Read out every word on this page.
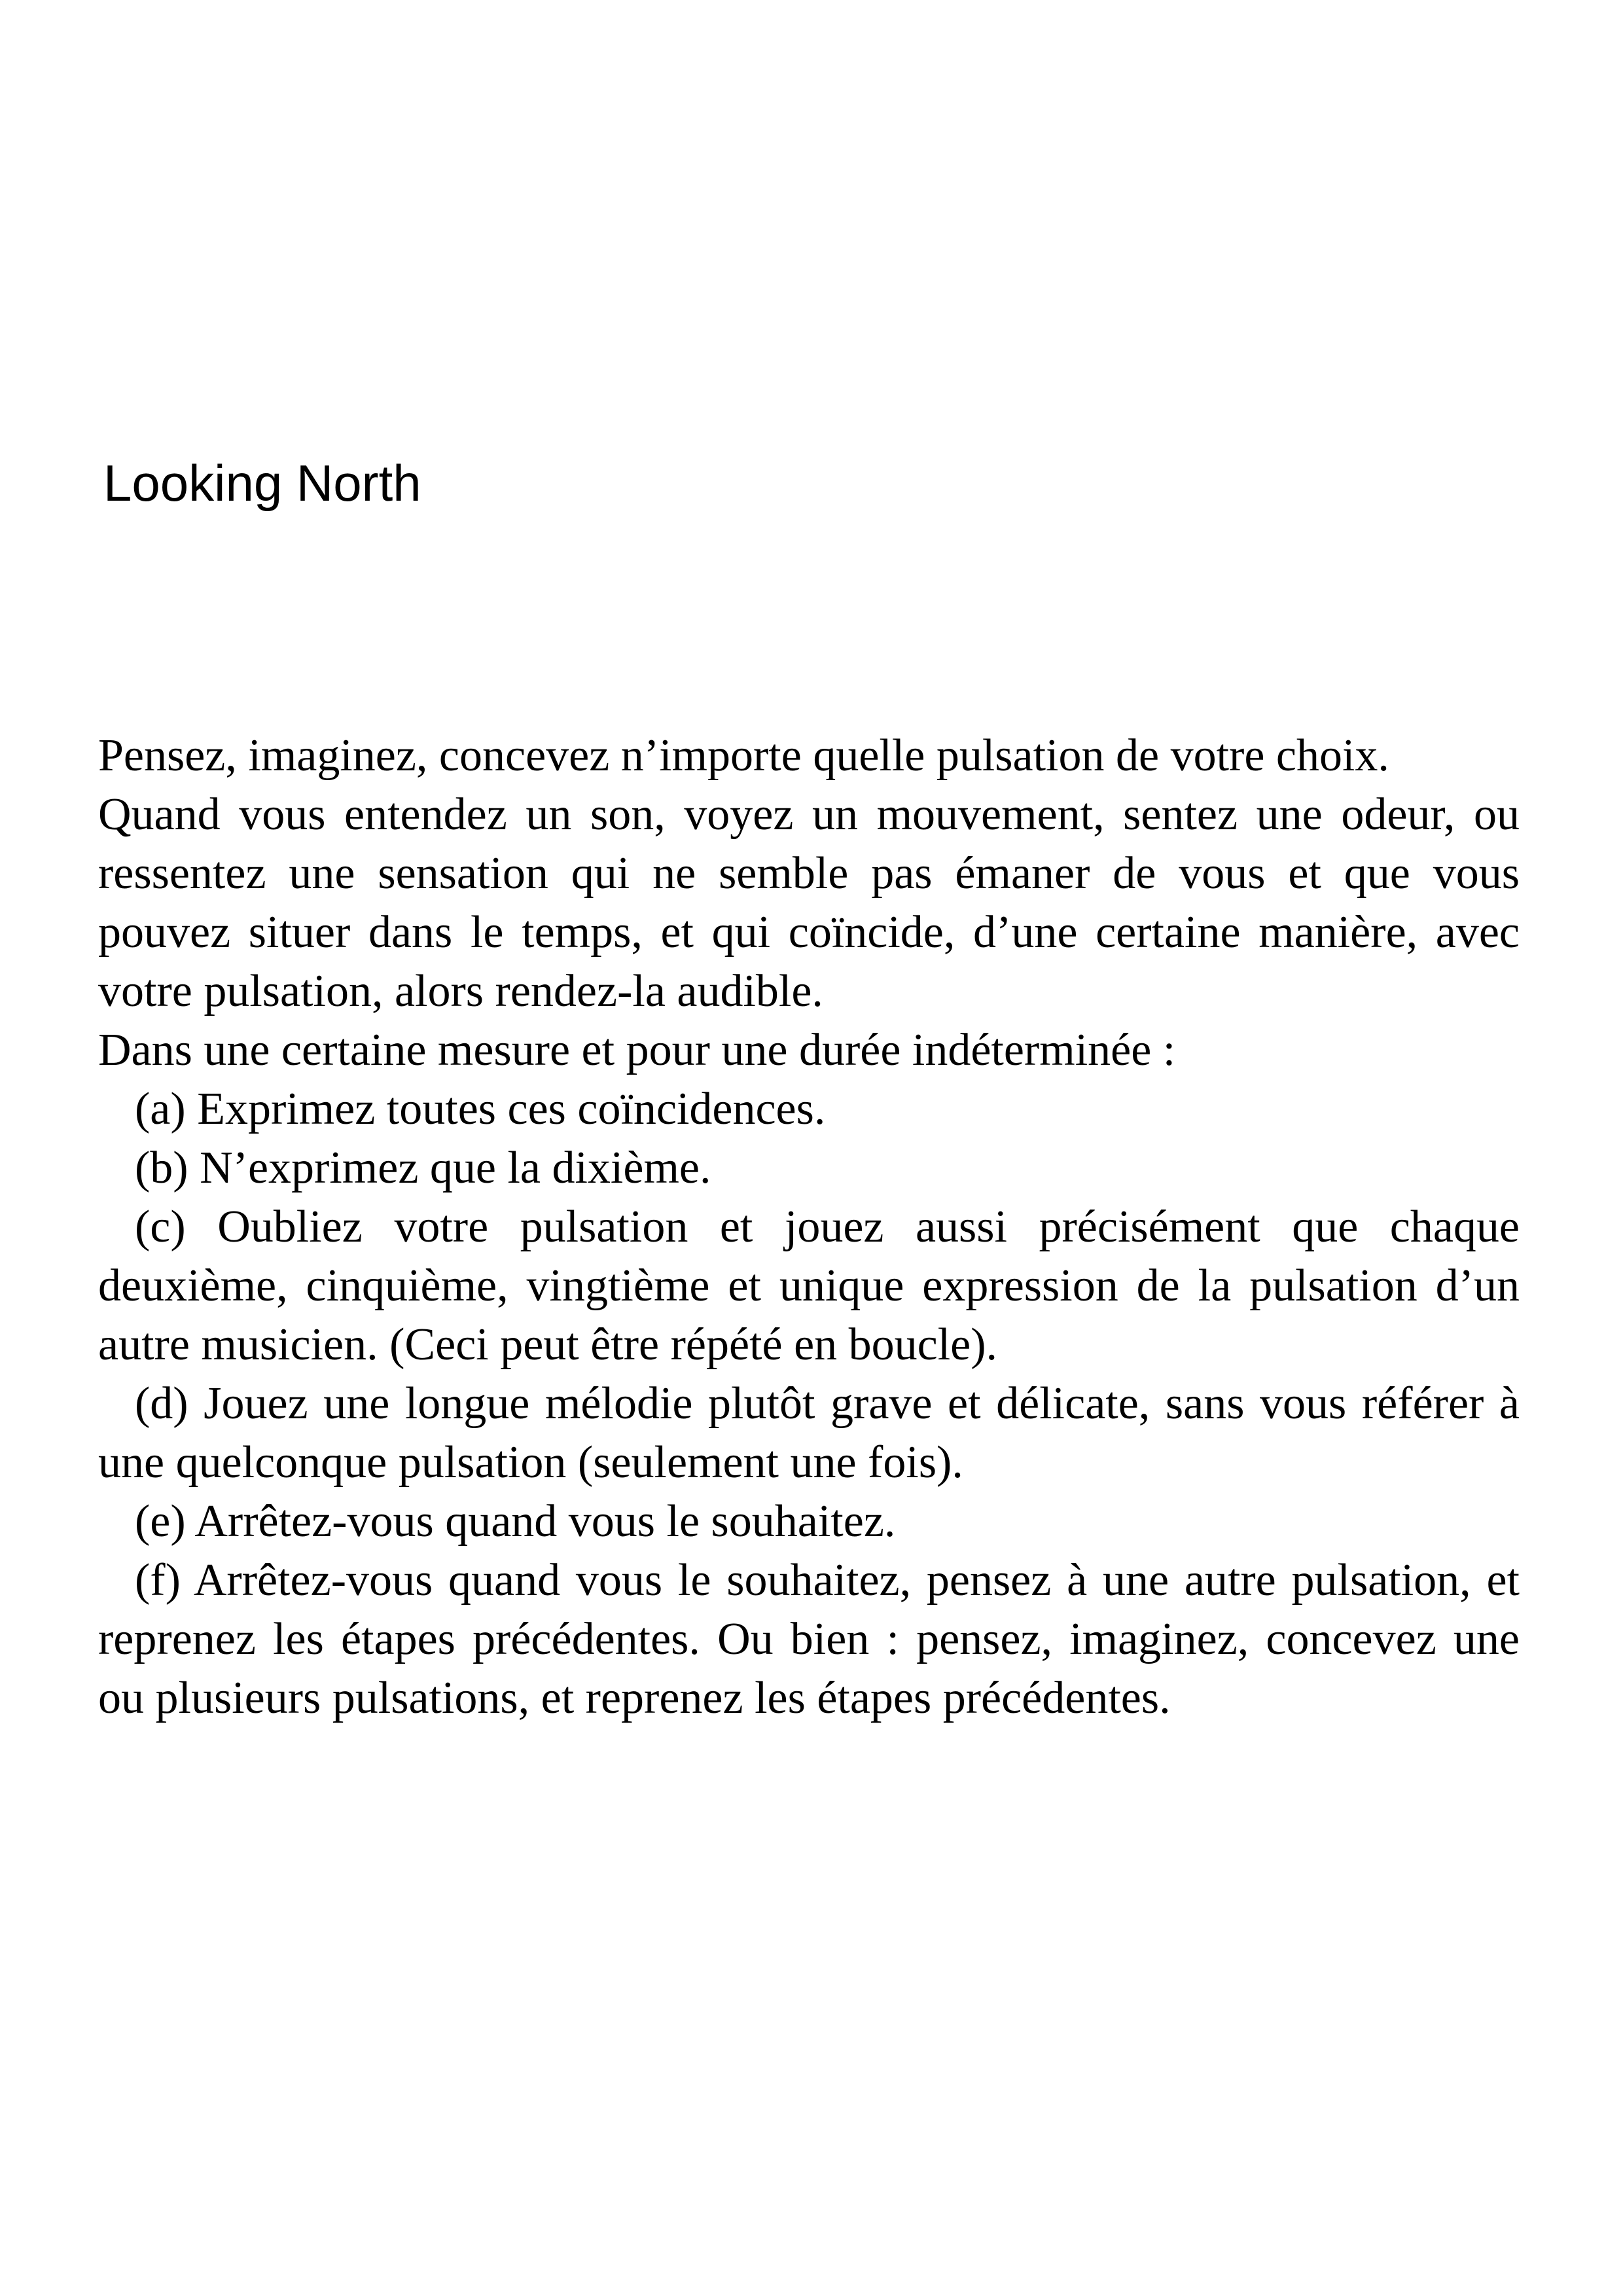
Looking North

Pensez, imaginez, concevez n’importe quelle pulsation de votre choix.

Quand vous entendez un son, voyez un mouvement, sentez une odeur, ou ressentez une sensation qui ne semble pas émaner de vous et que vous pouvez situer dans le temps, et qui coïncide, d’une certaine manière, avec votre pulsation, alors rendez-la audible.

Dans une certaine mesure et pour une durée indéterminée :

(a) Exprimez toutes ces coïncidences.

(b) N’exprimez que la dixième.

(c) Oubliez votre pulsation et jouez aussi précisément que chaque deuxième, cinquième, vingtième et unique expression de la pulsation d’un autre musicien. (Ceci peut être répété en boucle).

(d) Jouez une longue mélodie plutôt grave et délicate, sans vous référer à une quelconque pulsation (seulement une fois).

(e) Arrêtez-vous quand vous le souhaitez.

(f) Arrêtez-vous quand vous le souhaitez, pensez à une autre pulsation, et reprenez les étapes précédentes. Ou bien : pensez, imaginez, concevez une ou plusieurs pulsations, et reprenez les étapes précédentes.
